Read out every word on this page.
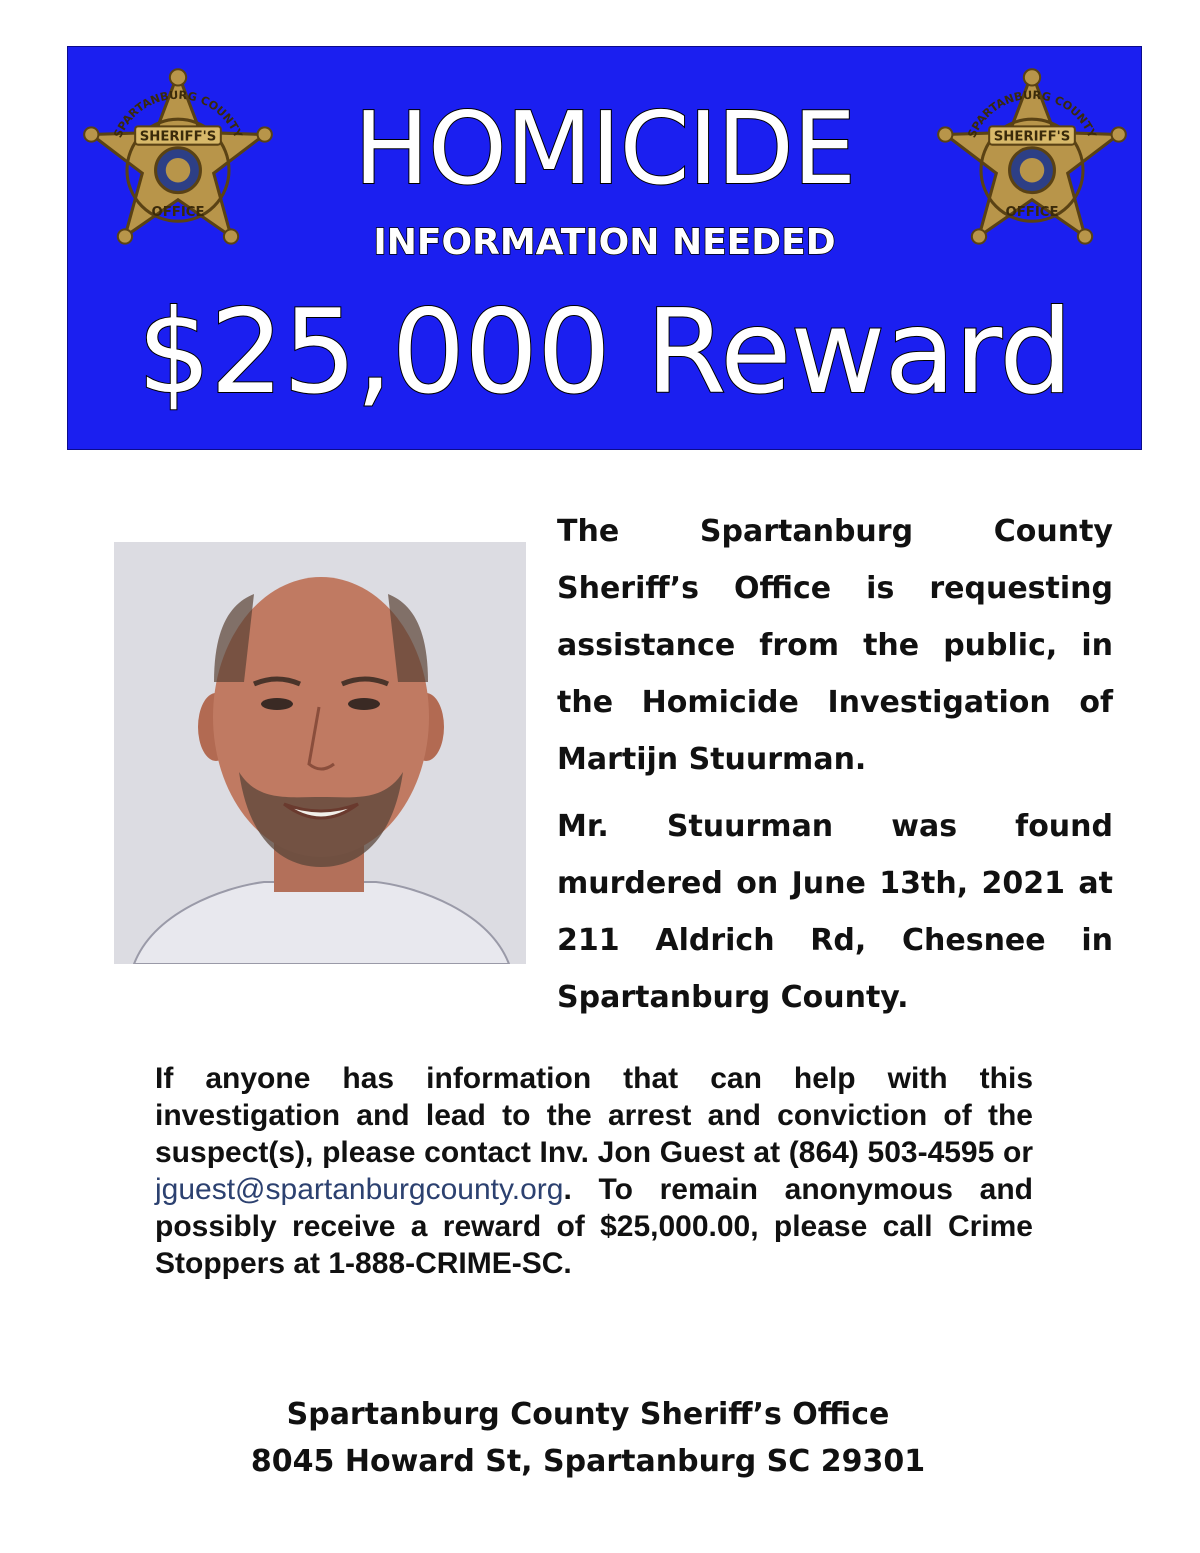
SPARTANBURG COUNTY
SHERIFF'S
OFFICE
HOMICIDE
INFORMATION NEEDED
$25,000 Reward
SPARTANBURG COUNTY
SHERIFF'S
OFFICE

The Spartanburg County Sheriff’s Office is requesting assistance from the public, in the Homicide Investigation of Martijn Stuurman.

Mr. Stuurman was found murdered on June 13th, 2021 at 211 Aldrich Rd, Chesnee in Spartanburg County.

If anyone has information that can help with this investigation and lead to the arrest and conviction of the suspect(s), please contact Inv. Jon Guest at (864) 503-4595 or jguest@spartanburgcounty.org. To remain anonymous and possibly receive a reward of $25,000.00, please call Crime Stoppers at 1-888-CRIME-SC.
Spartanburg County Sheriff’s Office
8045 Howard St, Spartanburg SC 29301
